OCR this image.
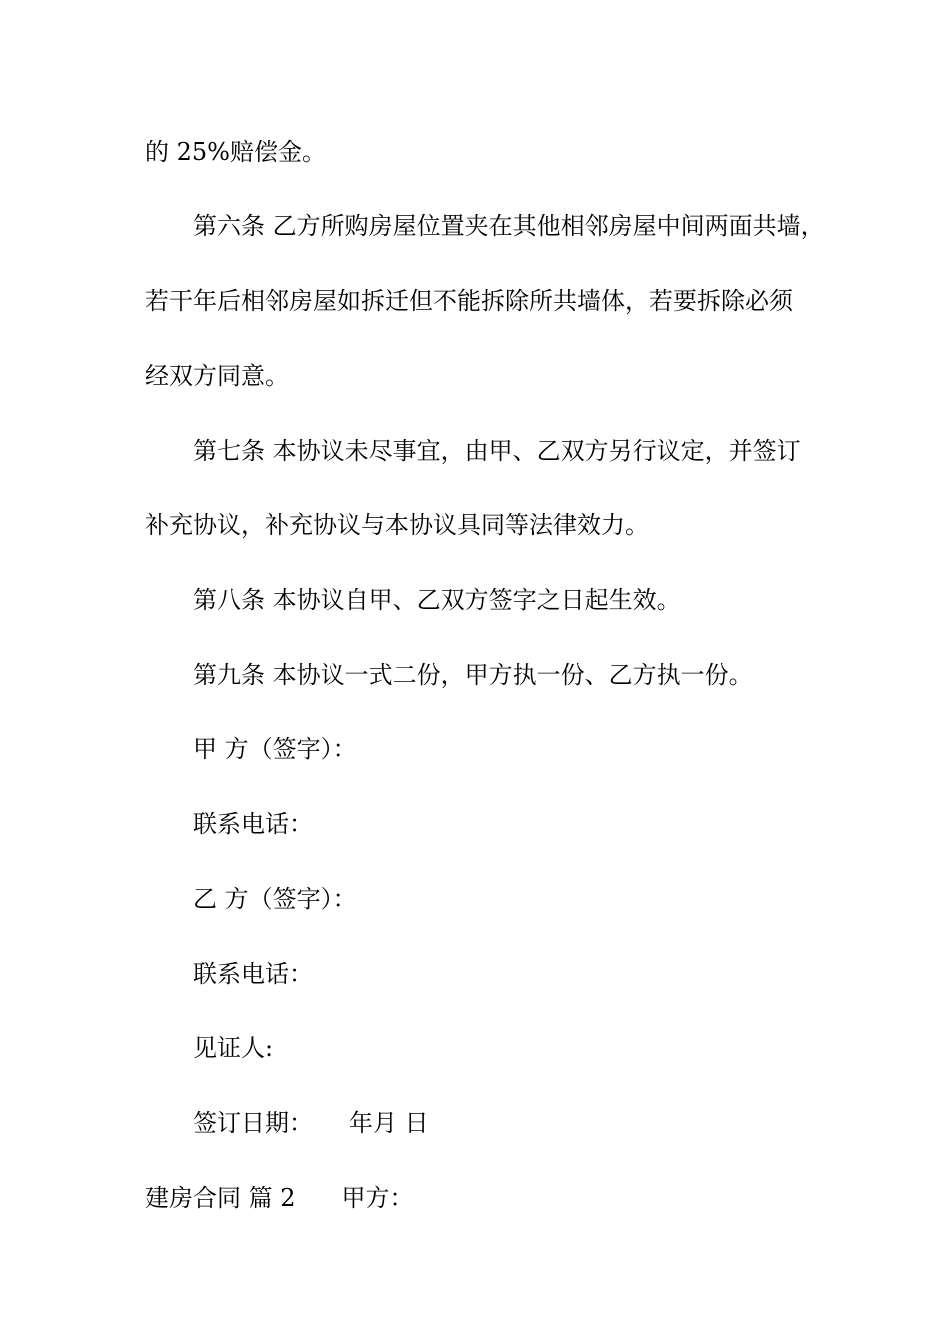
的 25%赔偿金。
第六条 乙方所购房屋位置夹在其他相邻房屋中间两面共墙，
若干年后相邻房屋如拆迁但不能拆除所共墙体，若要拆除必须
经双方同意。
第七条 本协议未尽事宜，由甲、乙双方另行议定，并签订
补充协议，补充协议与本协议具同等法律效力。
第八条 本协议自甲、乙双方签字之日起生效。
第九条 本协议一式二份，甲方执一份、乙方执一份。
甲 方（签字）：
联系电话：
乙 方（签字）：
联系电话：
见证人:
签订日期： 年月 日
建房合同 篇 2 甲方：
